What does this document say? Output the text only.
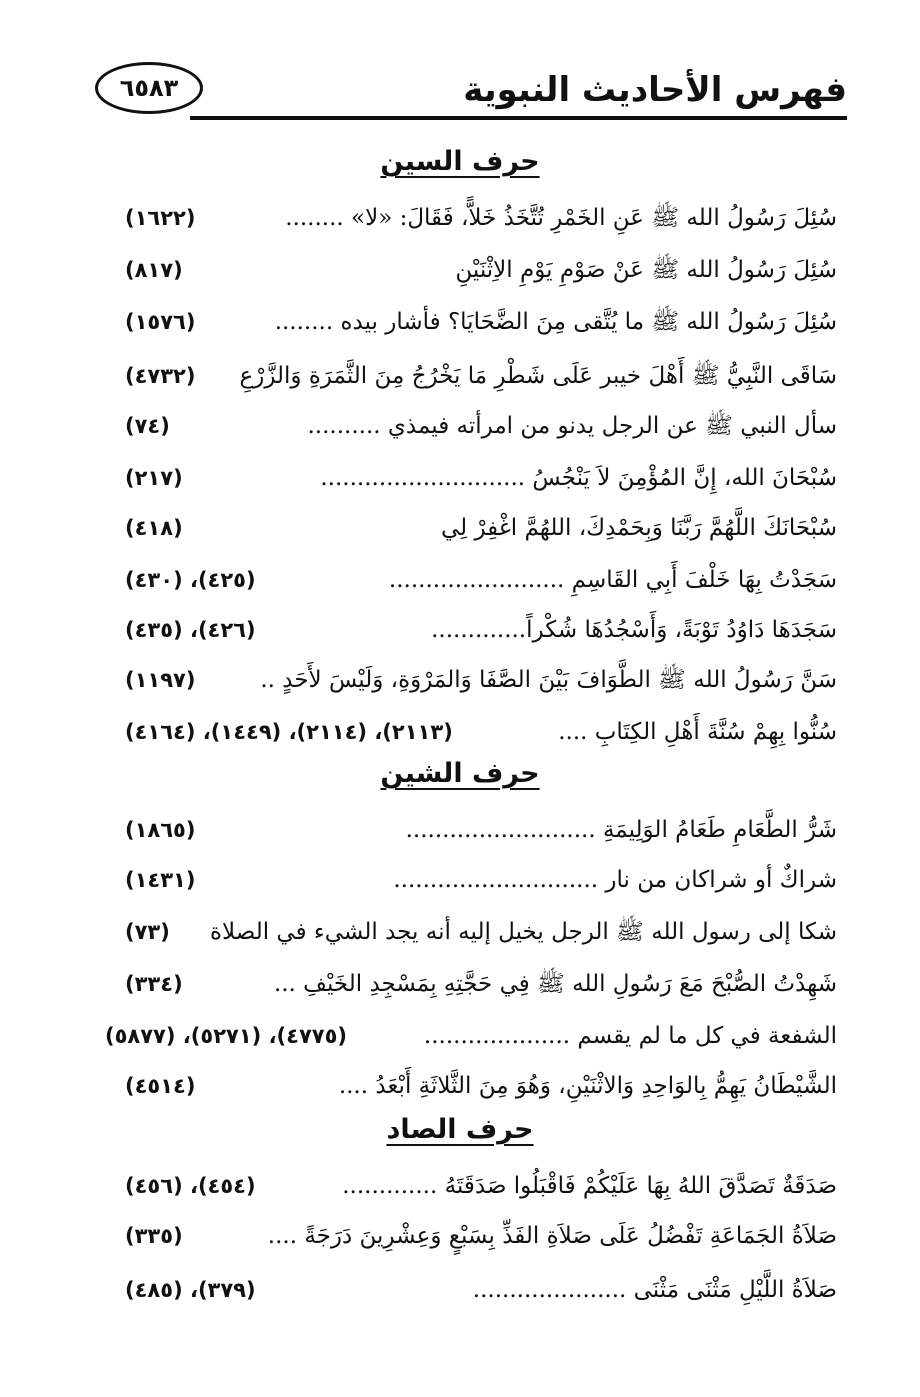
٦٥٨٣	فهرس الأحاديث النبوية
حرف السين
سُئِلَ رَسُولُ الله ﷺ عَنِ الخَمْرِ تُتَّخَذُ خَلاًّ، فَقَالَ: «لا» ........
(١٦٢٢)
سُئِلَ رَسُولُ الله ﷺ عَنْ صَوْمِ يَوْمِ الاِثْنَيْنِ
(٨١٧)
سُئِلَ رَسُولُ الله ﷺ ما يُتَّقى مِنَ الضَّحَايَا؟ فأشار بيده ........
(١٥٧٦)
سَاقَى النَّبِيُّ ﷺ أَهْلَ خيبر عَلَى شَطْرِ مَا يَخْرُجُ مِنَ الثَّمَرَةِ وَالزَّرْعِ
(٤٧٣٢)
سأل النبي ﷺ عن الرجل يدنو من امرأته فيمذي ..........
(٧٤)
سُبْحَانَ الله، إِنَّ المُؤْمِنَ لاَ يَنْجُسُ ............................
(٢١٧)
سُبْحَانَكَ اللَّهُمَّ رَبَّنَا وَبِحَمْدِكَ، اللهُمَّ اغْفِرْ لِي
(٤١٨)
سَجَدْتُ بِهَا خَلْفَ أَبِي القَاسِمِ ........................
(٤٢٥)، (٤٣٠)
سَجَدَهَا دَاوُدُ تَوْبَةً، وَأَسْجُدُهَا شُكْراً.............
(٤٢٦)، (٤٣٥)
سَنَّ رَسُولُ الله ﷺ الطَّوَافَ بَيْنَ الصَّفَا وَالمَرْوَةِ، وَلَيْسَ لأَحَدٍ ..
(١١٩٧)
سُنُّوا بِهِمْ سُنَّةَ أَهْلِ الكِتَابِ ....
(٢١١٣)، (٢١١٤)، (١٤٤٩)، (٤١٦٤)
حرف الشين
شَرُّ الطَّعَامِ طَعَامُ الوَلِيمَةِ ..........................
(١٨٦٥)
شراكٌ أو شراكان من نار ............................
(١٤٣١)
شكا إلى رسول الله ﷺ الرجل يخيل إليه أنه يجد الشيء في الصلاة
(٧٣)
شَهِدْتُ الصُّبْحَ مَعَ رَسُولِ الله ﷺ فِي حَجَّتِهِ بِمَسْجِدِ الخَيْفِ ...
(٣٣٤)
الشفعة في كل ما لم يقسم ....................
(٤٧٧٥)، (٥٢٧١)، (٥٨٧٧)
الشَّيْطَانُ يَهِمُّ بِالوَاحِدِ وَالاثْنَيْنِ، وَهُوَ مِنَ الثَّلاثَةِ أَبْعَدُ ....
(٤٥١٤)
حرف الصاد
صَدَقَةٌ تَصَدَّقَ اللهُ بِهَا عَلَيْكُمْ فَاقْبَلُوا صَدَقَتَهُ .............
(٤٥٤)، (٤٥٦)
صَلاَةُ الجَمَاعَةِ تَفْضُلُ عَلَى صَلاَةِ الفَذِّ بِسَبْعٍ وَعِشْرِينَ دَرَجَةً ....
(٣٣٥)
صَلاَةُ اللَّيْلِ مَثْنَى مَثْنَى .....................
(٣٧٩)، (٤٨٥)
